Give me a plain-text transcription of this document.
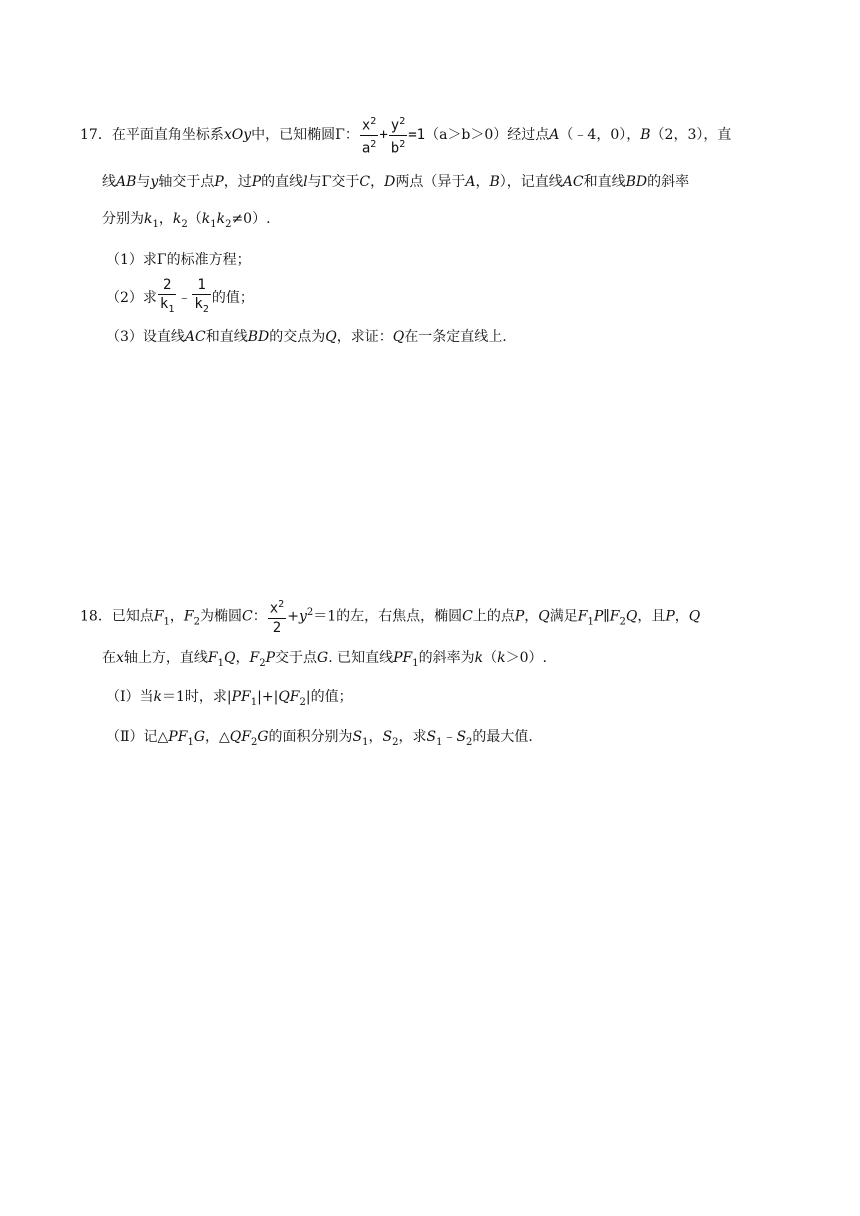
17．在平面直角坐标系xOy中，已知椭圆Γ： $\frac{x^2}{a^2} + \frac{y^2}{b^2} =1(a>b>0)$经过点A（﹣4，0），B（2，3），直
线AB与y轴交于点P，过P的直线l与Γ交于C，D两点（异于A，B），记直线AC和直线BD的斜率
分别为$k_1$，$k_2(k_1k_2\ne 0)$.
（1）求Γ的标准方程；
（2）求 $\frac{2}{k_1}$ ﹣ $\frac{1}{k_2}$ 的值；
（3）设直线AC和直线BD的交点为Q，求证：Q在一条定直线上.
18．已知点$F_1$，$F_2$为椭圆C： $\frac{x^2}{2} +y^2=1$的左，右焦点，椭圆C上的点P，Q满足$F_1P\parallel F_2Q$，且P，Q
在x轴上方，直线$F_1Q$，$F_2P$交于点G. 已知直线$PF_1$的斜率为k（k＞0）.
（Ⅰ）当k＝1时，求$|PF_1|+|QF_2|$的值；
（Ⅱ）记$\triangle PF_1G$，$\triangle QF_2G$的面积分别为$S_1$，$S_2$，求$S_1﹣S_2$的最大值.
